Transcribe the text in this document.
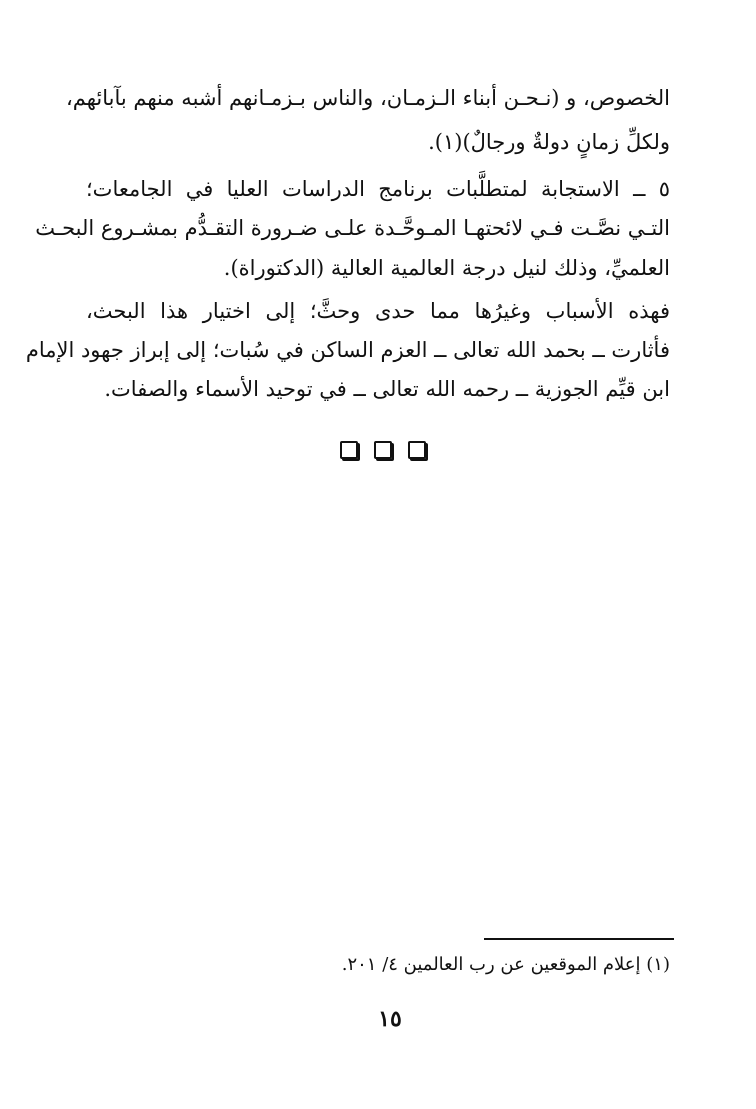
الخصوص، و (نـحـن أبناء الـزمـان، والناس بـزمـانهم أشبه منهم بآبائهم،
ولكلِّ زمانٍ دولةٌ ورجالٌ)(١).
٥ ــ الاستجابة لمتطلَّبات برنامج الدراسات العليا في الجامعات؛
التـي نصَّـت فـي لائحتهـا المـوحَّـدة علـى ضـرورة التقـدُّم بمشـروع البحـث
العلميِّ، وذلك لنيل درجة العالمية العالية (الدكتوراة).
فهذه الأسباب وغيرُها مما حدى وحثَّ؛ إلى اختيار هذا البحث،
فأثارت ــ بحمد الله تعالى ــ العزم الساكن في سُبات؛ إلى إبراز جهود الإمام
ابن قيِّم الجوزية ــ رحمه الله تعالى ــ في توحيد الأسماء والصفات.
(١) إعلام الموقعين عن رب العالمين ٤/ ٢٠١.
١٥
